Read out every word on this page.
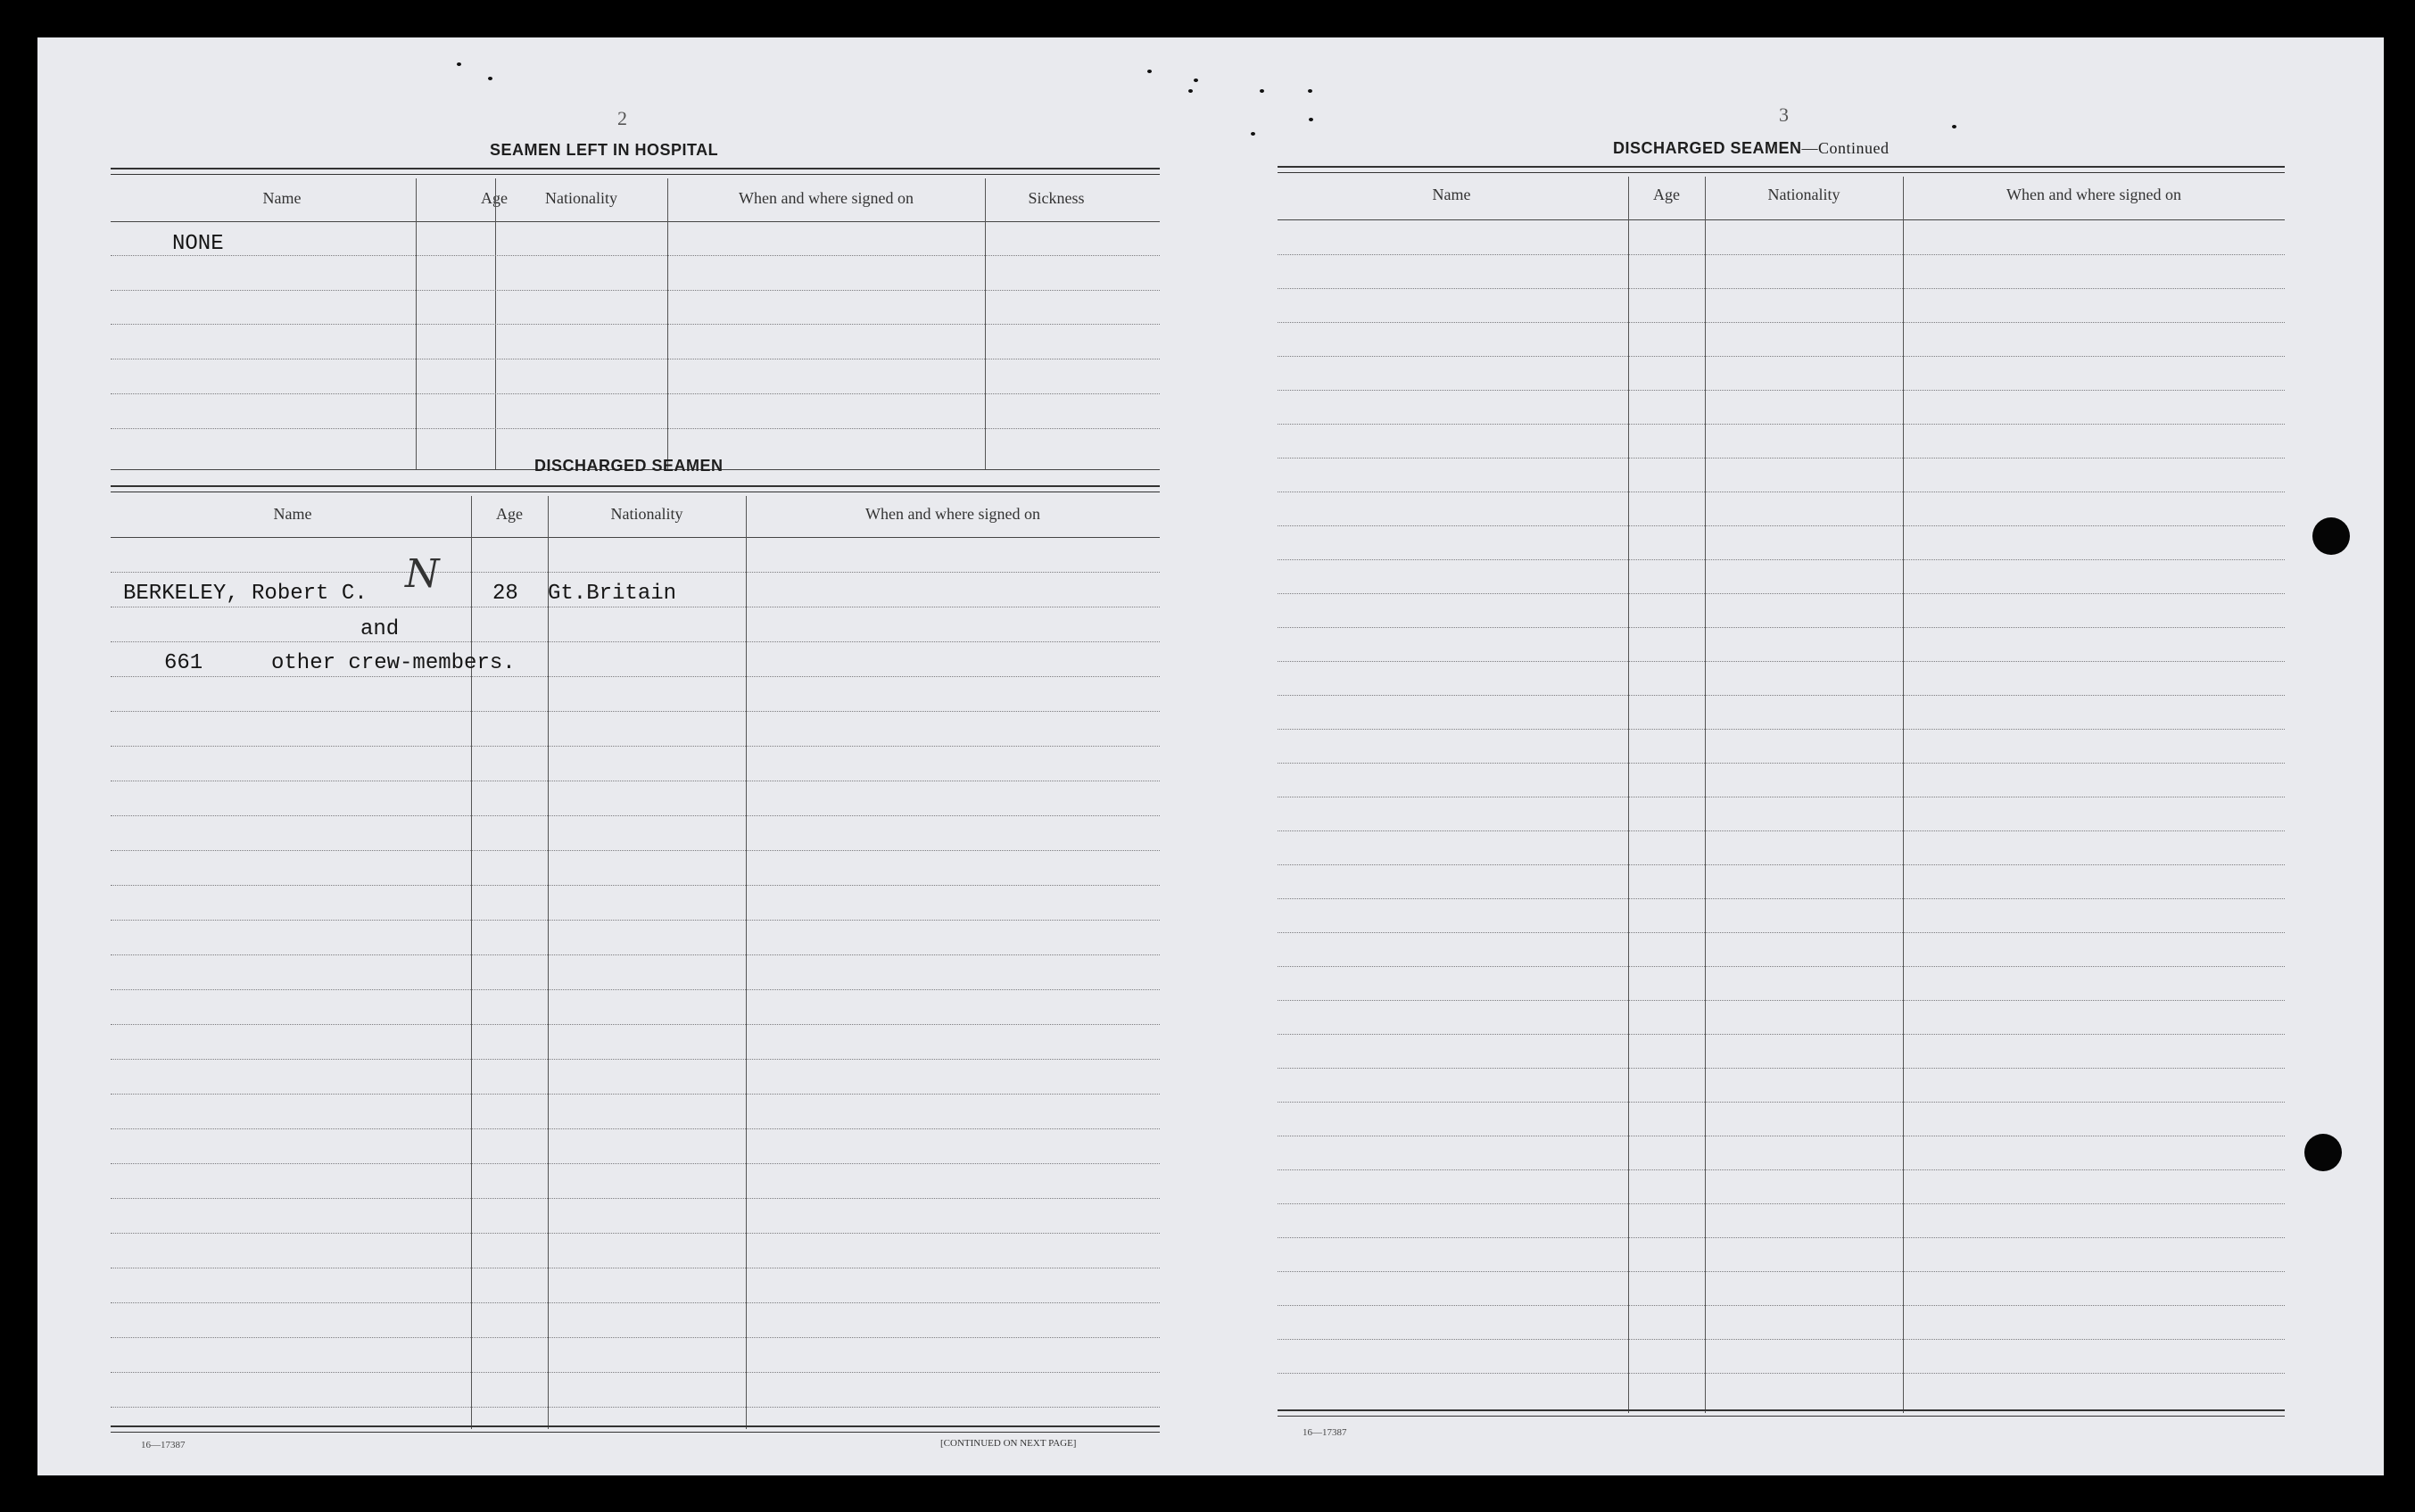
2
SEAMEN LEFT IN HOSPITAL
Name	Age	Nationality	When and where signed on	Sickness
NONE
DISCHARGED SEAMEN
Name	Age	Nationality	When and where signed on
BERKELEY, Robert C. N 28 Gt.Britain
and
661	other crew-members.
16—17387	[CONTINUED ON NEXT PAGE]
3
DISCHARGED SEAMEN—Continued
Name	Age	Nationality	When and where signed on
16—17387
